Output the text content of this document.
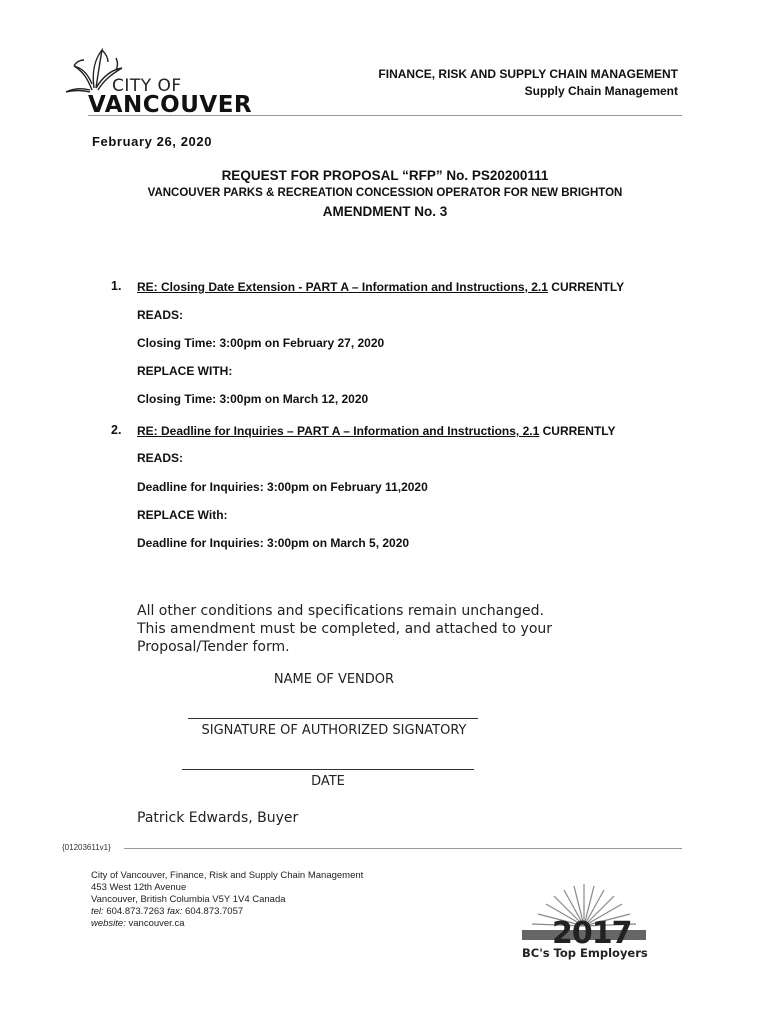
CITY OF
VANCOUVER
FINANCE, RISK AND SUPPLY CHAIN MANAGEMENT
Supply Chain Management
February 26, 2020
REQUEST FOR PROPOSAL “RFP” No. PS20200111
VANCOUVER PARKS & RECREATION CONCESSION OPERATOR FOR NEW BRIGHTON
AMENDMENT No. 3
1. RE: Closing Date Extension - PART A – Information and Instructions, 2.1 CURRENTLY
READS:
Closing Time: 3:00pm on February 27, 2020
REPLACE WITH:
Closing Time: 3:00pm on March 12, 2020
2. RE: Deadline for Inquiries – PART A – Information and Instructions, 2.1 CURRENTLY
READS:
Deadline for Inquiries: 3:00pm on February 11,2020
REPLACE With:
Deadline for Inquiries: 3:00pm on March 5, 2020
All other conditions and specifications remain unchanged.
This amendment must be completed, and attached to your Proposal/Tender form.
NAME OF VENDOR
SIGNATURE OF AUTHORIZED SIGNATORY
DATE
Patrick Edwards, Buyer
{01203611v1}
City of Vancouver, Finance, Risk and Supply Chain Management
453 West 12th Avenue
Vancouver, British Columbia V5Y 1V4 Canada
tel: 604.873.7263 fax: 604.873.7057
website: vancouver.ca	2017
BC's Top Employers
